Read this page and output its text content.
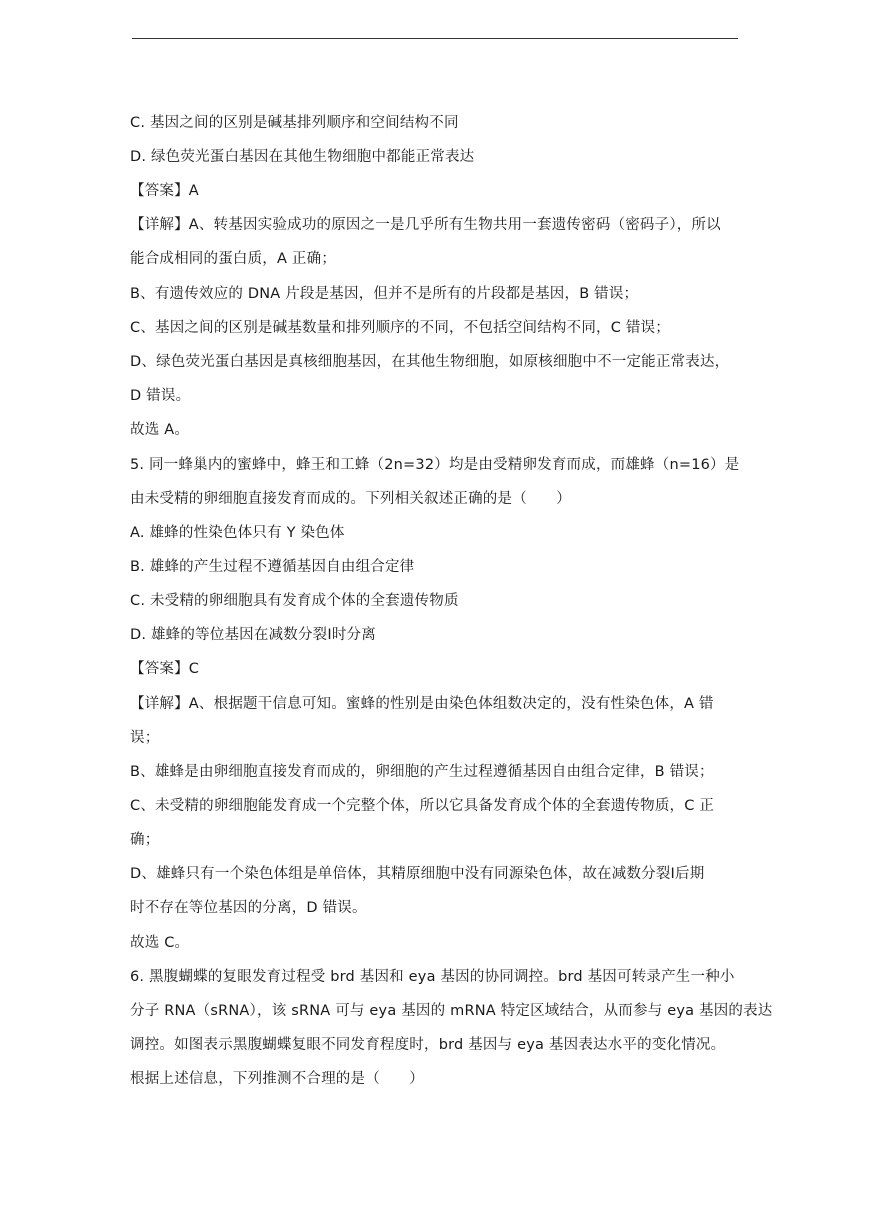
C. 基因之间的区别是碱基排列顺序和空间结构不同
D. 绿色荧光蛋白基因在其他生物细胞中都能正常表达
【答案】A
【详解】A、转基因实验成功的原因之一是几乎所有生物共用一套遗传密码（密码子），所以
能合成相同的蛋白质，A 正确；
B、有遗传效应的 DNA 片段是基因，但并不是所有的片段都是基因，B 错误；
C、基因之间的区别是碱基数量和排列顺序的不同，不包括空间结构不同，C 错误；
D、绿色荧光蛋白基因是真核细胞基因，在其他生物细胞，如原核细胞中不一定能正常表达，
D 错误。
故选 A。
5. 同一蜂巢内的蜜蜂中，蜂王和工蜂（2n=32）均是由受精卵发育而成，而雄蜂（n=16）是
由未受精的卵细胞直接发育而成的。下列相关叙述正确的是（　　）
A. 雄蜂的性染色体只有 Y 染色体
B. 雄蜂的产生过程不遵循基因自由组合定律
C. 未受精的卵细胞具有发育成个体的全套遗传物质
D. 雄蜂的等位基因在减数分裂Ⅰ时分离
【答案】C
【详解】A、根据题干信息可知。蜜蜂的性别是由染色体组数决定的，没有性染色体，A 错
误；
B、雄蜂是由卵细胞直接发育而成的，卵细胞的产生过程遵循基因自由组合定律，B 错误；
C、未受精的卵细胞能发育成一个完整个体，所以它具备发育成个体的全套遗传物质，C 正
确；
D、雄蜂只有一个染色体组是单倍体，其精原细胞中没有同源染色体，故在减数分裂Ⅰ后期
时不存在等位基因的分离，D 错误。
故选 C。
6. 黑腹蝴蝶的复眼发育过程受 brd 基因和 eya 基因的协同调控。brd 基因可转录产生一种小
分子 RNA（sRNA），该 sRNA 可与 eya 基因的 mRNA 特定区域结合，从而参与 eya 基因的表达
调控。如图表示黑腹蝴蝶复眼不同发育程度时，brd 基因与 eya 基因表达水平的变化情况。
根据上述信息，下列推测不合理的是（　　）
